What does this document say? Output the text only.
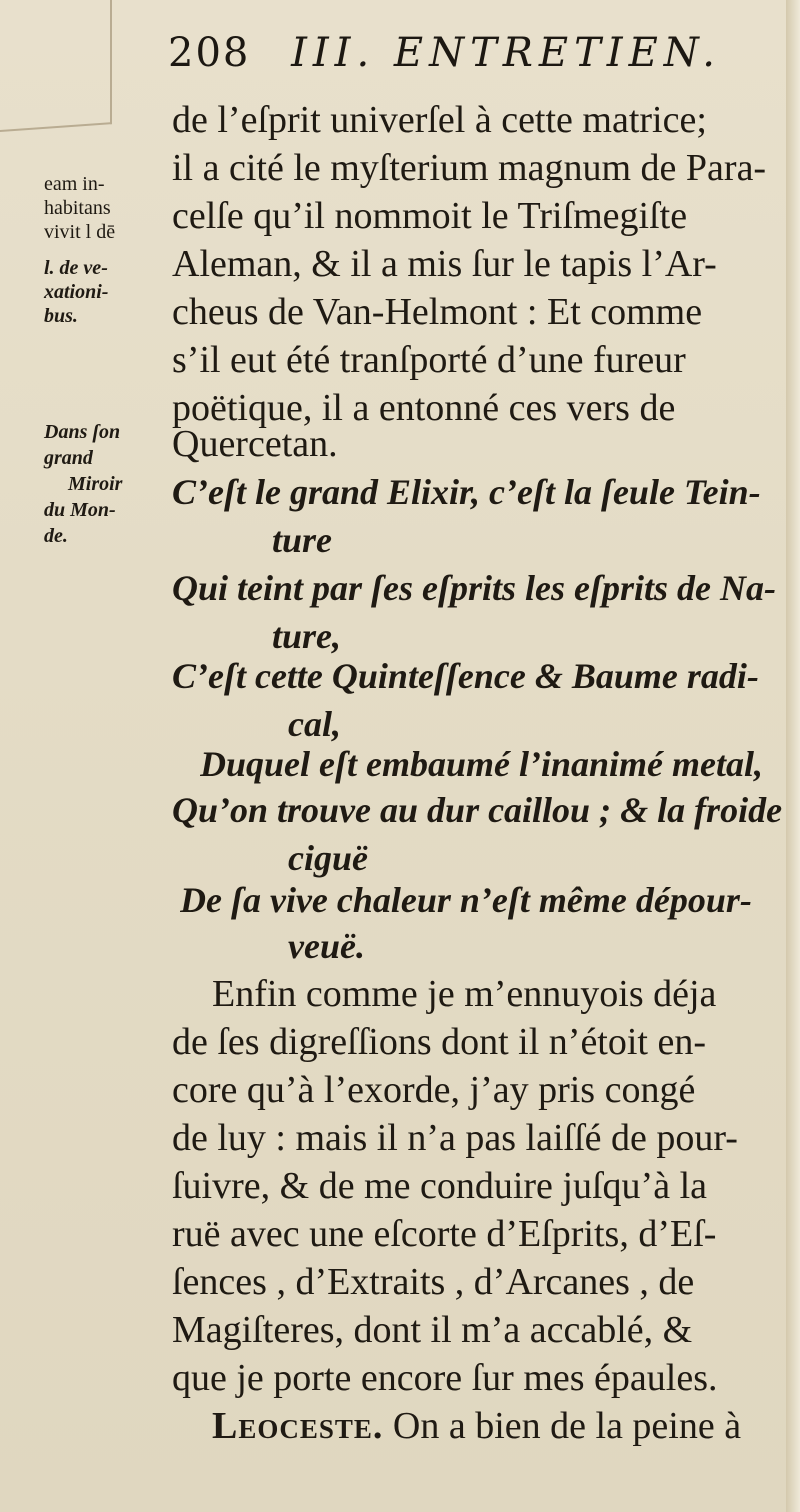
208 III. ENTRETIEN.
eam in-
habitans
vivit l dē
l. de ve-
xationi-
bus.
Dans ſon
grand
Miroir
du Mon-
de.
de l’eſprit univerſel à cette matrice;
il a cité le myſterium magnum de Para-
celſe qu’il nommoit le Triſmegiſte
Aleman, & il a mis ſur le tapis l’Ar-
cheus de Van-Helmont : Et comme
s’il eut été tranſporté d’une fureur
poëtique, il a entonné ces vers de
Quercetan.
C’eſt le grand Elixir, c’eſt la ſeule Tein-
ture
Qui teint par ſes eſprits les eſprits de Na-
ture,
C’eſt cette Quinteſſence & Baume radi-
cal,
Duquel eſt embaumé l’inanimé metal,
Qu’on trouve au dur caillou ; & la froide
ciguë
De ſa vive chaleur n’eſt même dépour-
veuë.
Enfin comme je m’ennuyois déja
de ſes digreſſions dont il n’étoit en-
core qu’à l’exorde, j’ay pris congé
de luy : mais il n’a pas laiſſé de pour-
ſuivre, & de me conduire juſqu’à la
ruë avec une eſcorte d’Eſprits, d’Eſ-
ſences , d’Extraits , d’Arcanes , de
Magiſteres, dont il m’a accablé, &
que je porte encore ſur mes épaules.
Leoceste. On a bien de la peine à
